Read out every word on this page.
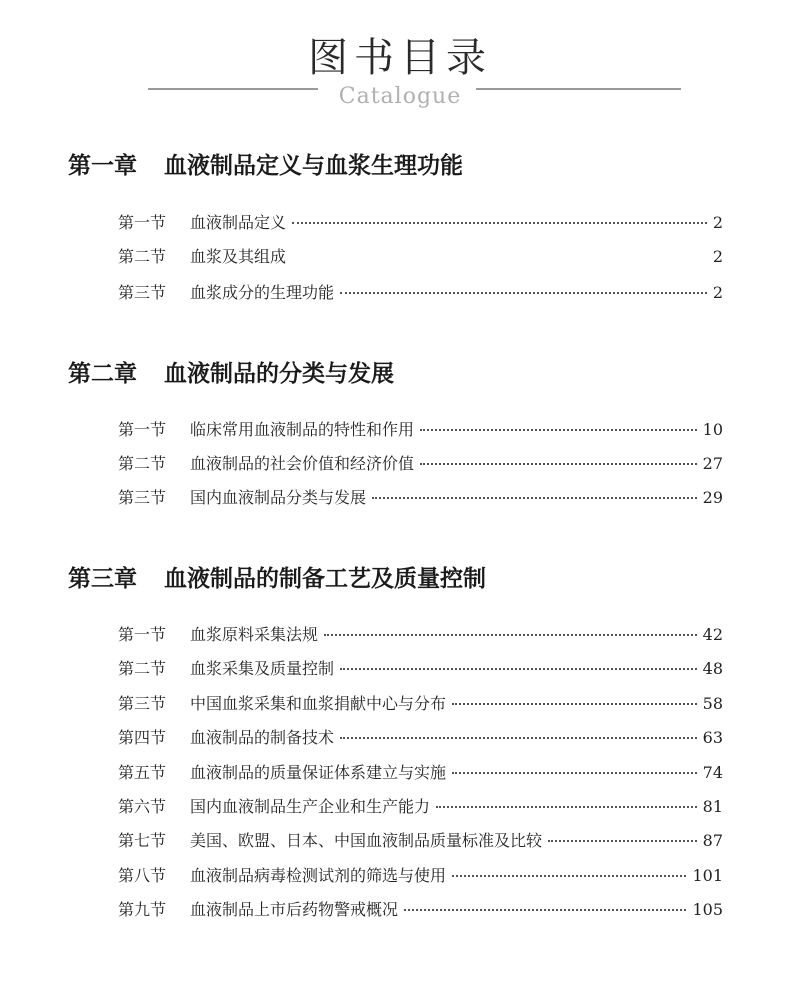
图书目录
Catalogue
第一章 血液制品定义与血浆生理功能
第一节	血液制品定义	2
第二节	血浆及其组成	2
第三节	血浆成分的生理功能	2
第二章 血液制品的分类与发展
第一节	临床常用血液制品的特性和作用	10
第二节	血液制品的社会价值和经济价值	27
第三节	国内血液制品分类与发展	29
第三章 血液制品的制备工艺及质量控制
第一节	血浆原料采集法规	42
第二节	血浆采集及质量控制	48
第三节	中国血浆采集和血浆捐献中心与分布	58
第四节	血液制品的制备技术	63
第五节	血液制品的质量保证体系建立与实施	74
第六节	国内血液制品生产企业和生产能力	81
第七节	美国、欧盟、日本、中国血液制品质量标准及比较	87
第八节	血液制品病毒检测试剂的筛选与使用	101
第九节	血液制品上市后药物警戒概况	105
